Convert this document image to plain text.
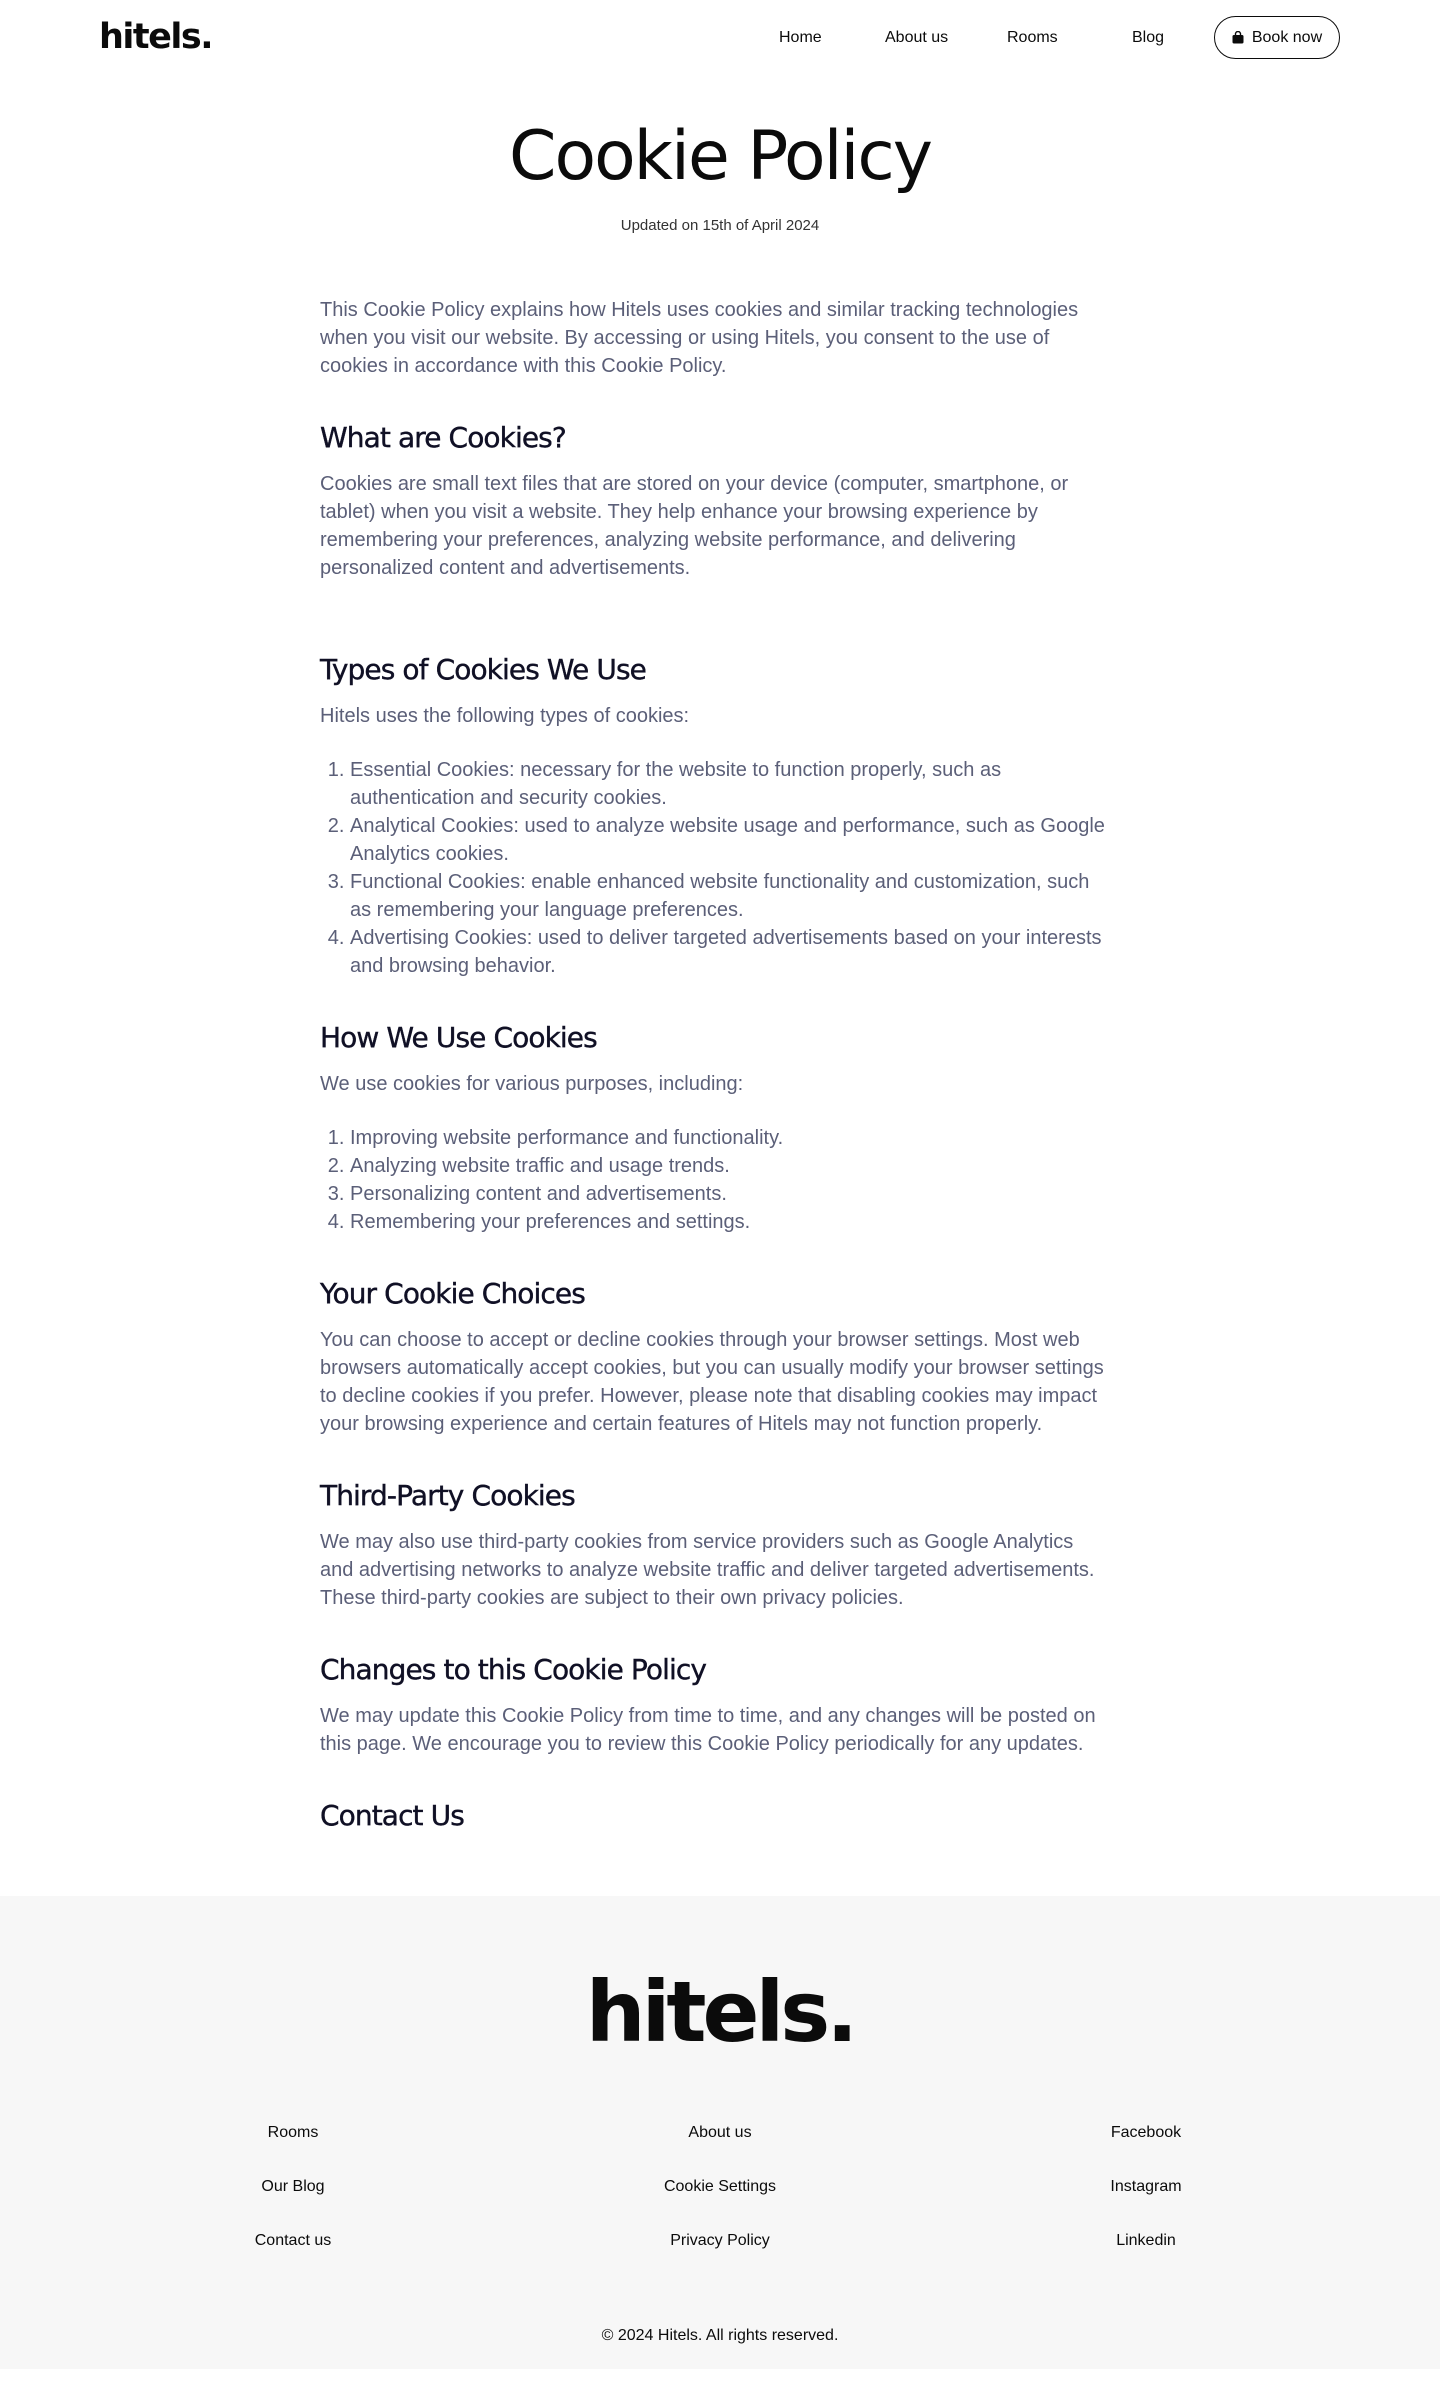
hitels.	Home	About us	Rooms	Blog	Book now
Cookie Policy
Updated on 15th of April 2024

This Cookie Policy explains how Hitels uses cookies and similar tracking technologies when you visit our website. By accessing or using Hitels, you consent to the use of cookies in accordance with this Cookie Policy.

What are Cookies?

Cookies are small text files that are stored on your device (computer, smartphone, or tablet) when you visit a website. They help enhance your browsing experience by remembering your preferences, analyzing website performance, and delivering personalized content and advertisements.

Types of Cookies We Use

Hitels uses the following types of cookies:

1. Essential Cookies: necessary for the website to function properly, such as authentication and security cookies.
2. Analytical Cookies: used to analyze website usage and performance, such as Google Analytics cookies.
3. Functional Cookies: enable enhanced website functionality and customization, such as remembering your language preferences.
4. Advertising Cookies: used to deliver targeted advertisements based on your interests and browsing behavior.
How We Use Cookies

We use cookies for various purposes, including:

1. Improving website performance and functionality.
2. Analyzing website traffic and usage trends.
3. Personalizing content and advertisements.
4. Remembering your preferences and settings.
Your Cookie Choices

You can choose to accept or decline cookies through your browser settings. Most web browsers automatically accept cookies, but you can usually modify your browser settings to decline cookies if you prefer. However, please note that disabling cookies may impact your browsing experience and certain features of Hitels may not function properly.

Third-Party Cookies

We may also use third-party cookies from service providers such as Google Analytics and advertising networks to analyze website traffic and deliver targeted advertisements. These third-party cookies are subject to their own privacy policies.

Changes to this Cookie Policy

We may update this Cookie Policy from time to time, and any changes will be posted on this page. We encourage you to review this Cookie Policy periodically for any updates.

Contact Us
hitels.
Rooms
Our Blog
Contact us
About us
Cookie Settings
Privacy Policy
Facebook
Instagram
Linkedin
© 2024 Hitels. All rights reserved.
